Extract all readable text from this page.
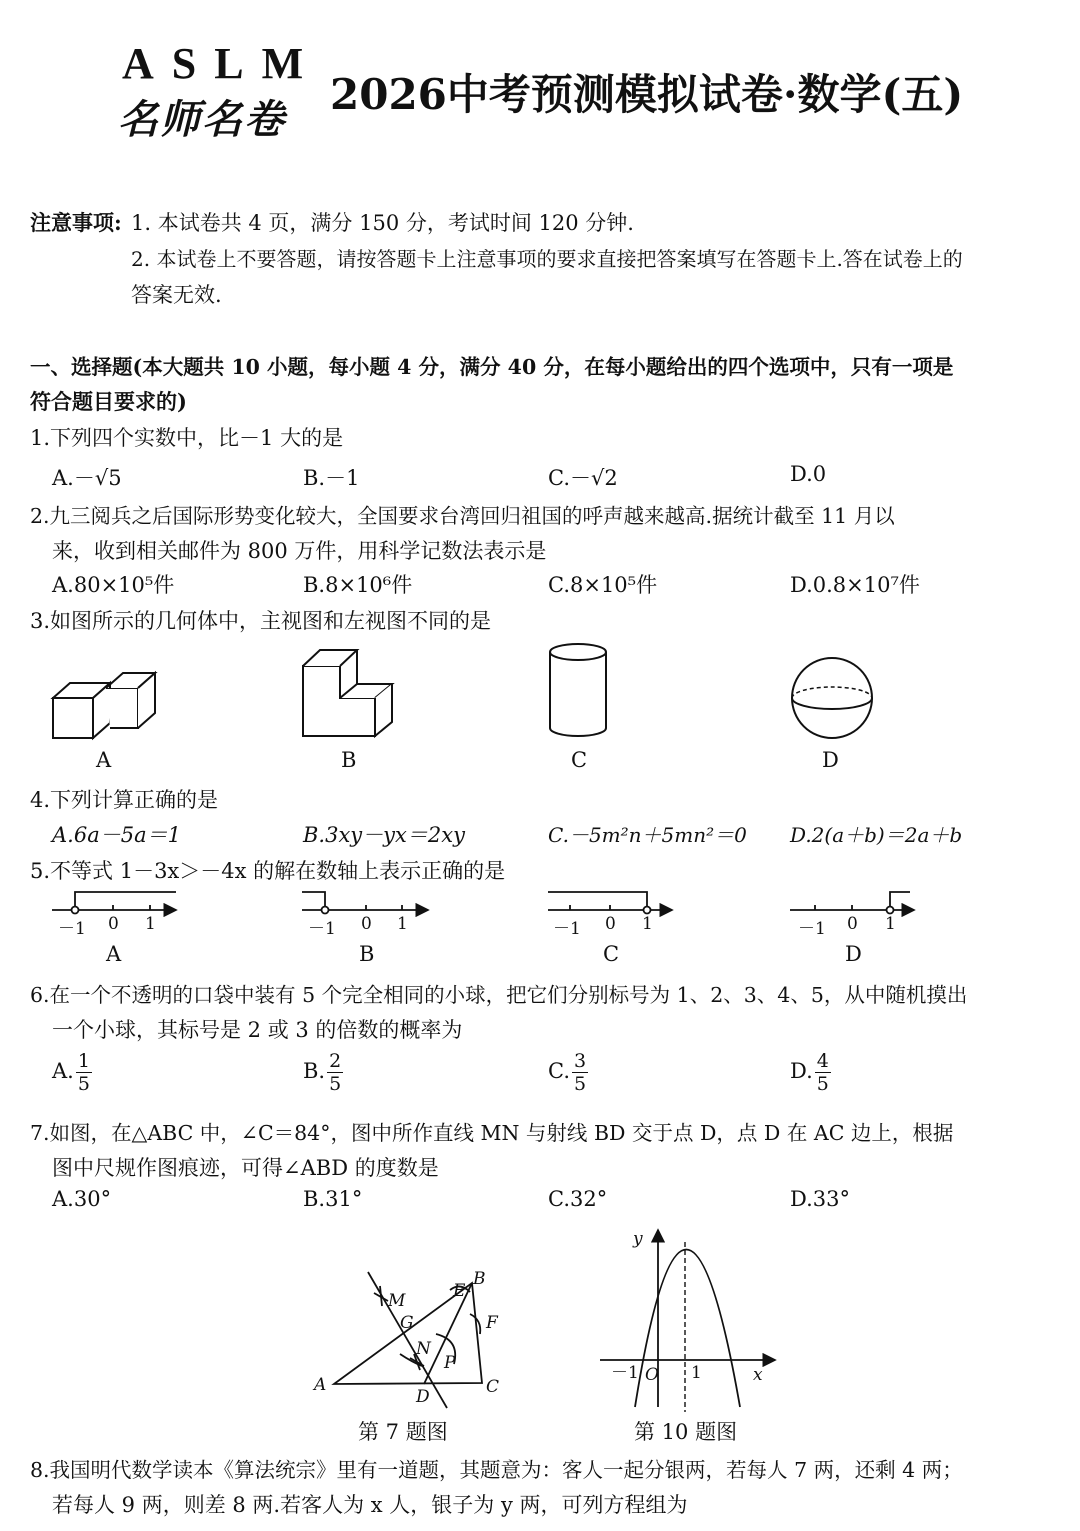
ASLM
名师名卷
2026中考预测模拟试卷·数学(五)
注意事项: 1. 本试卷共 4 页，满分 150 分，考试时间 120 分钟.
2. 本试卷上不要答题，请按答题卡上注意事项的要求直接把答案填写在答题卡上.答在试卷上的
答案无效.
一、选择题(本大题共 10 小题，每小题 4 分，满分 40 分，在每小题给出的四个选项中，只有一项是
符合题目要求的)
1.下列四个实数中，比－1 大的是
A.－√5	B.－1	C.－√2	D.0
2.九三阅兵之后国际形势变化较大，全国要求台湾回归祖国的呼声越来越高.据统计截至 11 月以
来，收到相关邮件为 800 万件，用科学记数法表示是
A.80×10⁵件	B.8×10⁶件	C.8×10⁵件	D.0.8×10⁷件
3.如图所示的几何体中，主视图和左视图不同的是
A	B	C	D
4.下列计算正确的是
A.6a－5a＝1	B.3xy－yx＝2xy	C.－5m²n＋5mn²＝0 D.2(a＋b)＝2a＋b
5.不等式 1－3x＞－4x 的解在数轴上表示正确的是
－1 0 1	－1 0 1	－1 0 1	－1 0 1
A	B	C	D
6.在一个不透明的口袋中装有 5 个完全相同的小球，把它们分别标号为 1、2、3、4、5，从中随机摸出
一个小球，其标号是 2 或 3 的倍数的概率为
A. $\frac{1}{5}$	B. $\frac{2}{5}$	C. $\frac{3}{5}$	D. $\frac{4}{5}$
7.如图，在△ABC 中，∠C＝84°，图中所作直线 MN 与射线 BD 交于点 D，点 D 在 AC 边上，根据
图中尺规作图痕迹，可得∠ABD 的度数是
A.30°	B.31°	C.32°	D.33°
A
B
C
D
E
F
G
M
N
P
第 7 题图
y
x
O
－1	1
第 10 题图
8.我国明代数学读本《算法统宗》里有一道题，其题意为：客人一起分银两，若每人 7 两，还剩 4 两；
若每人 9 两，则差 8 两.若客人为 x 人，银子为 y 两，可列方程组为
